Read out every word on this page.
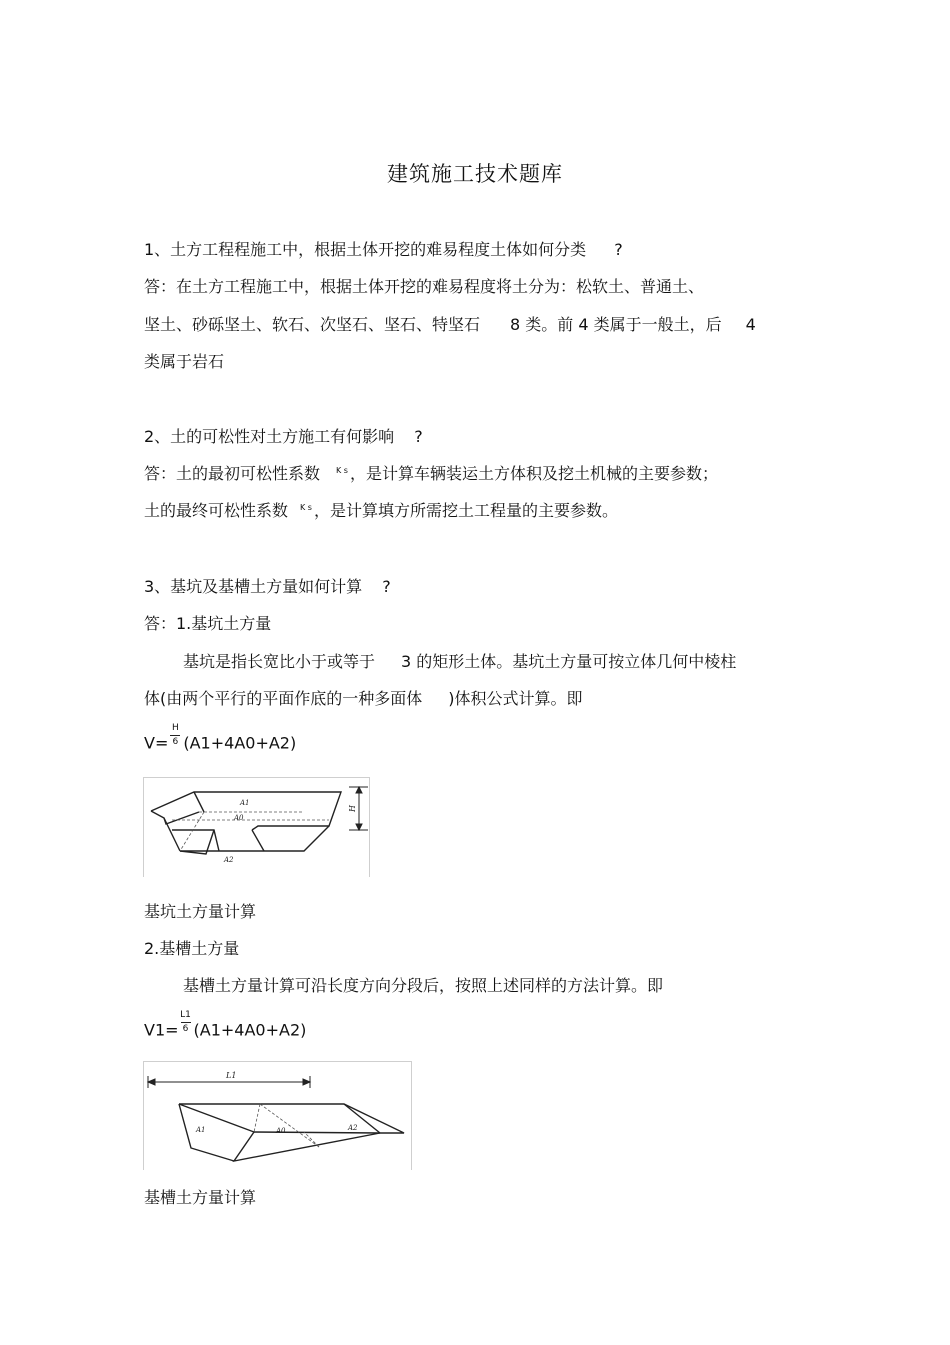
建筑施工技术题库
1、土方工程程施工中，根据土体开挖的难易程度土体如何分类 ?
答：在土方工程施工中，根据土体开挖的难易程度将土分为：松软土、普通土、
坚土、砂砾坚土、软石、次坚石、坚石、特坚石 8 类。前 4 类属于一般土，后 4
类属于岩石
2、土的可松性对土方施工有何影响 ?
答：土的最初可松性系数 $^{K s}$ ，是计算车辆装运土方体积及挖土机械的主要参数；
土的最终可松性系数 $^{K s}$ ，是计算填方所需挖土工程量的主要参数。
3、基坑及基槽土方量如何计算 ?
答：1.基坑土方量
基坑是指长宽比小于或等于 3 的矩形土体。基坑土方量可按立体几何中棱柱
体(由两个平行的平面作底的一种多面体 )体积公式计算。即
$V= \frac{H}{6} (A1+4A0+A2)$
A1
A0
A2
H
基坑土方量计算
2.基槽土方量
基槽土方量计算可沿长度方向分段后，按照上述同样的方法计算。即
$V1= \frac{L1}{6} (A1+4A0+A2)$
L1
A1	A0	A2
基槽土方量计算
